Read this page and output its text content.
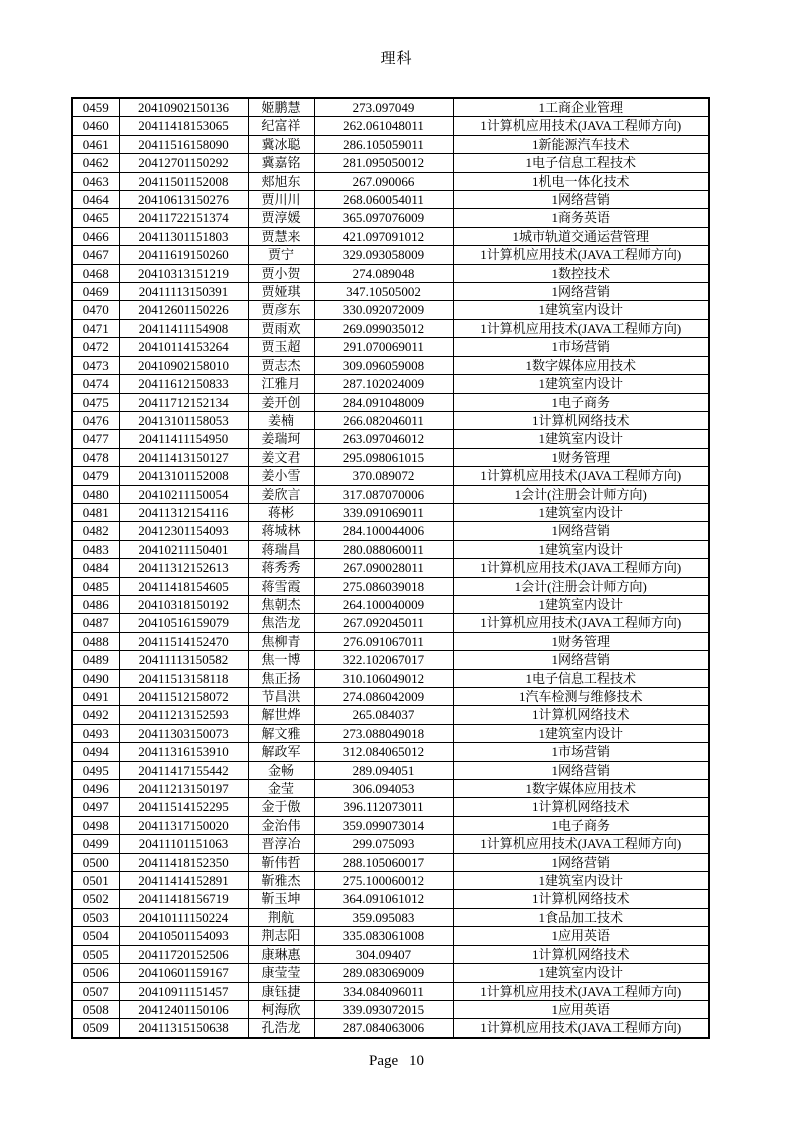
理科
0459	20410902150136	姬鹏慧	273.097049	1工商企业管理
0460	20411418153065	纪富祥	262.061048011	1计算机应用技术(JAVA工程师方向)
0461	20411516158090	冀冰聪	286.105059011	1新能源汽车技术
0462	20412701150292	冀嘉铭	281.095050012	1电子信息工程技术
0463	20411501152008	郏旭东	267.090066	1机电一体化技术
0464	20410613150276	贾川川	268.060054011	1网络营销
0465	20411722151374	贾淳媛	365.097076009	1商务英语
0466	20411301151803	贾慧来	421.097091012	1城市轨道交通运营管理
0467	20411619150260	贾宁	329.093058009	1计算机应用技术(JAVA工程师方向)
0468	20410313151219	贾小贺	274.089048	1数控技术
0469	20411113150391	贾娅琪	347.10505002	1网络营销
0470	20412601150226	贾彦东	330.092072009	1建筑室内设计
0471	20411411154908	贾雨欢	269.099035012	1计算机应用技术(JAVA工程师方向)
0472	20410114153264	贾玉超	291.070069011	1市场营销
0473	20410902158010	贾志杰	309.096059008	1数字媒体应用技术
0474	20411612150833	江雅月	287.102024009	1建筑室内设计
0475	20411712152134	姜开创	284.091048009	1电子商务
0476	20413101158053	姜楠	266.082046011	1计算机网络技术
0477	20411411154950	姜瑞珂	263.097046012	1建筑室内设计
0478	20411413150127	姜文君	295.098061015	1财务管理
0479	20413101152008	姜小雪	370.089072	1计算机应用技术(JAVA工程师方向)
0480	20410211150054	姜欣言	317.087070006	1会计(注册会计师方向)
0481	20411312154116	蒋彬	339.091069011	1建筑室内设计
0482	20412301154093	蒋城林	284.100044006	1网络营销
0483	20410211150401	蒋瑞昌	280.088060011	1建筑室内设计
0484	20411312152613	蒋秀秀	267.090028011	1计算机应用技术(JAVA工程师方向)
0485	20411418154605	蒋雪霞	275.086039018	1会计(注册会计师方向)
0486	20410318150192	焦朝杰	264.100040009	1建筑室内设计
0487	20410516159079	焦浩龙	267.092045011	1计算机应用技术(JAVA工程师方向)
0488	20411514152470	焦柳青	276.091067011	1财务管理
0489	20411113150582	焦一博	322.102067017	1网络营销
0490	20411513158118	焦正扬	310.106049012	1电子信息工程技术
0491	20411512158072	节昌洪	274.086042009	1汽车检测与维修技术
0492	20411213152593	解世烨	265.084037	1计算机网络技术
0493	20411303150073	解文雅	273.088049018	1建筑室内设计
0494	20411316153910	解政军	312.084065012	1市场营销
0495	20411417155442	金畅	289.094051	1网络营销
0496	20411213150197	金莹	306.094053	1数字媒体应用技术
0497	20411514152295	金于傲	396.112073011	1计算机网络技术
0498	20411317150020	金治伟	359.099073014	1电子商务
0499	20411101151063	晋淳冶	299.075093	1计算机应用技术(JAVA工程师方向)
0500	20411418152350	靳伟哲	288.105060017	1网络营销
0501	20411414152891	靳雅杰	275.100060012	1建筑室内设计
0502	20411418156719	靳玉坤	364.091061012	1计算机网络技术
0503	20410111150224	荆航	359.095083	1食品加工技术
0504	20410501154093	荆志阳	335.083061008	1应用英语
0505	20411720152506	康琳惠	304.09407	1计算机网络技术
0506	20410601159167	康莹莹	289.083069009	1建筑室内设计
0507	20410911151457	康钰捷	334.084096011	1计算机应用技术(JAVA工程师方向)
0508	20412401150106	柯海欣	339.093072015	1应用英语
0509	20411315150638	孔浩龙	287.084063006	1计算机应用技术(JAVA工程师方向)
Page 10
